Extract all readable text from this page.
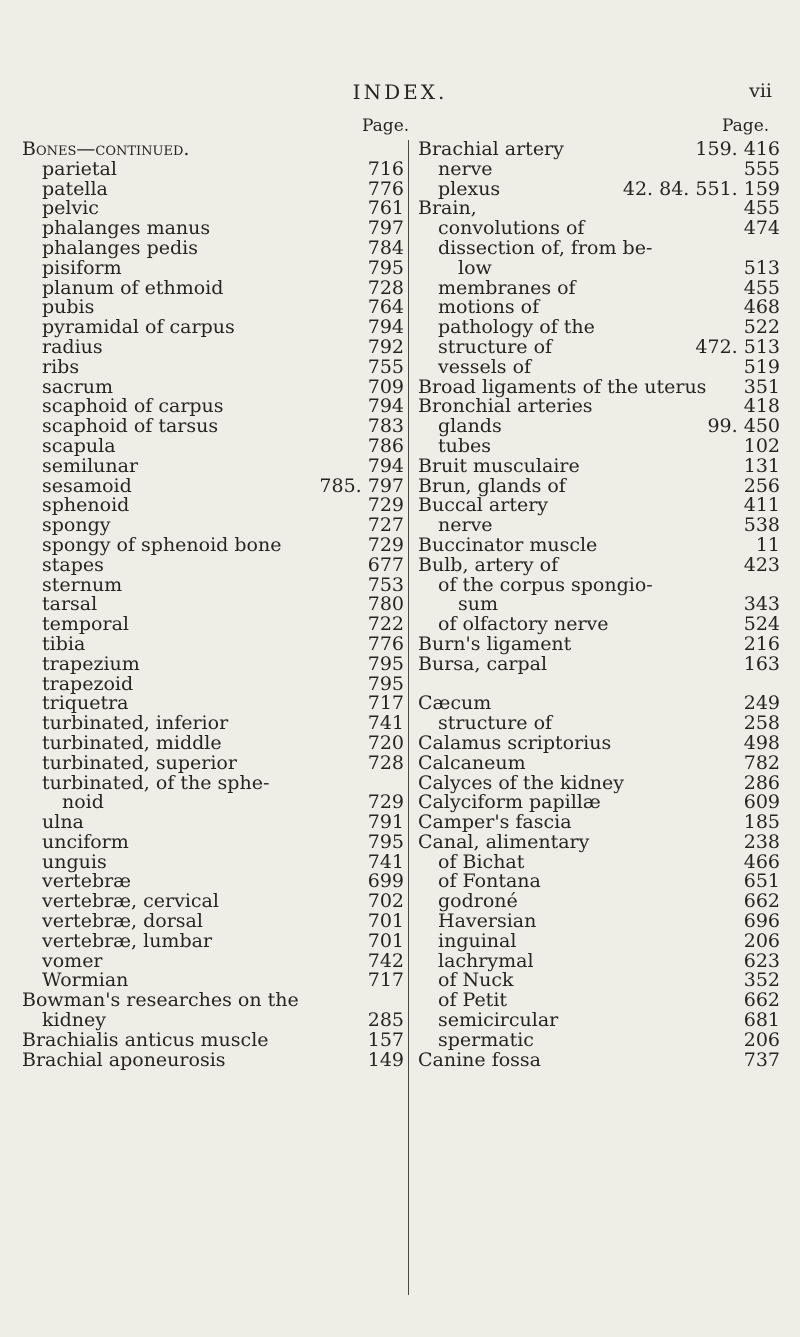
INDEX.	vii
Page.	Page.
Bones—continued.
parietal	716
patella	776
pelvic	761
phalanges manus	797
phalanges pedis	784
pisiform	795
planum of ethmoid	728
pubis	764
pyramidal of carpus	794
radius	792
ribs	755
sacrum	709
scaphoid of carpus	794
scaphoid of tarsus	783
scapula	786
semilunar	794
sesamoid	785. 797
sphenoid	729
spongy	727
spongy of sphenoid bone	729
stapes	677
sternum	753
tarsal	780
temporal	722
tibia	776
trapezium	795
trapezoid	795
triquetra	717
turbinated, inferior	741
turbinated, middle	720
turbinated, superior	728
turbinated, of the sphe-
noid	729
ulna	791
unciform	795
unguis	741
vertebræ	699
vertebræ, cervical	702
vertebræ, dorsal	701
vertebræ, lumbar	701
vomer	742
Wormian	717
Bowman's researches on the
kidney	285
Brachialis anticus muscle	157
Brachial aponeurosis	149
Brachial artery	159. 416
nerve	555
plexus	42. 84. 551. 159
Brain,	455
convolutions of	474
dissection of, from be-
low	513
membranes of	455
motions of	468
pathology of the	522
structure of	472. 513
vessels of	519
Broad ligaments of the uterus 351
Bronchial arteries	418
glands	99. 450
tubes	102
Bruit musculaire	131
Brun, glands of	256
Buccal artery	411
nerve	538
Buccinator muscle	11
Bulb, artery of	423
of the corpus spongio-
sum	343
of olfactory nerve	524
Burn's ligament	216
Bursa, carpal	163
Cæcum	249
structure of	258
Calamus scriptorius	498
Calcaneum	782
Calyces of the kidney	286
Calyciform papillæ	609
Camper's fascia	185
Canal, alimentary	238
of Bichat	466
of Fontana	651
godroné	662
Haversian	696
inguinal	206
lachrymal	623
of Nuck	352
of Petit	662
semicircular	681
spermatic	206
Canine fossa	737
